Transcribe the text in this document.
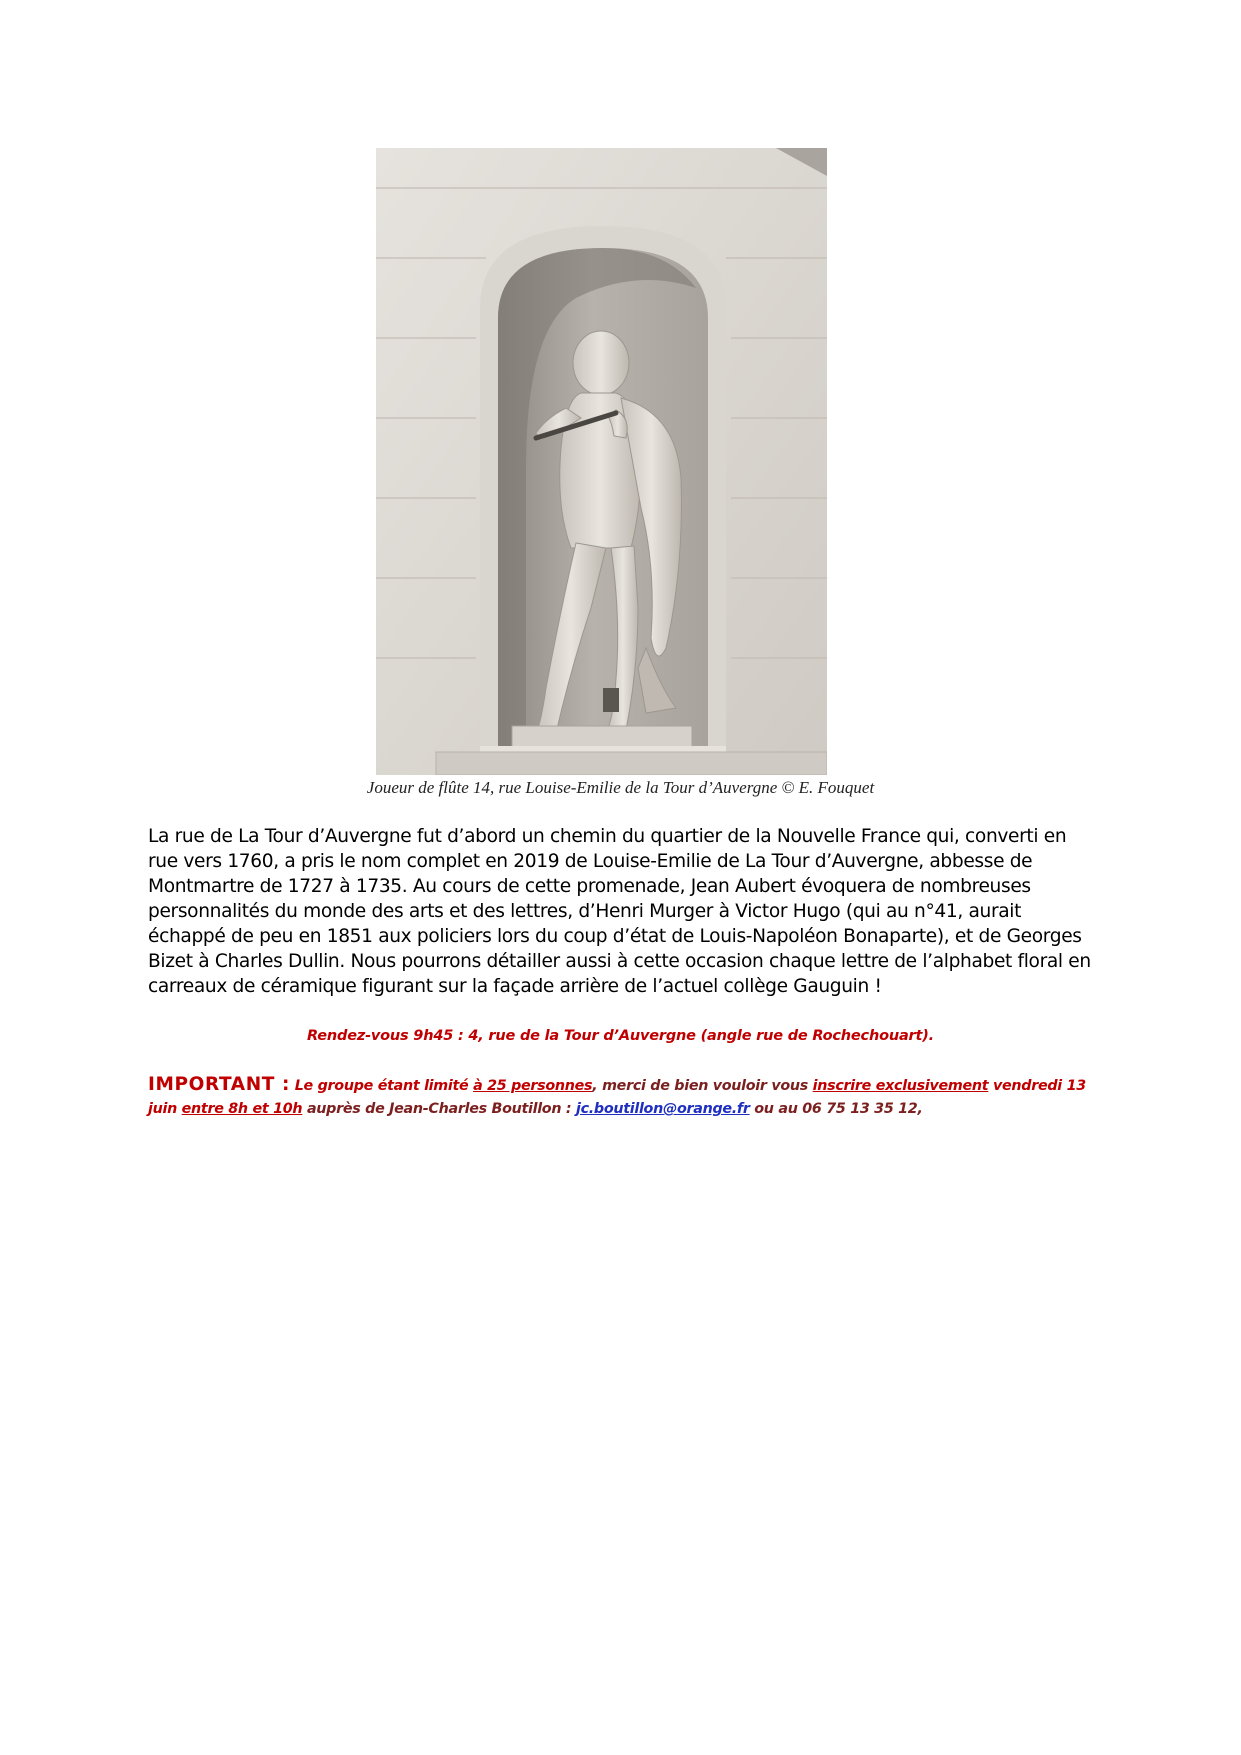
Joueur de flûte 14, rue Louise-Emilie de la Tour d’Auvergne © E. Fouquet

La rue de La Tour d’Auvergne fut d’abord un chemin du quartier de la Nouvelle France qui, converti en rue vers 1760, a pris le nom complet en 2019 de Louise-Emilie de La Tour d’Auvergne, abbesse de Montmartre de 1727 à 1735. Au cours de cette promenade, Jean Aubert évoquera de nombreuses personnalités du monde des arts et des lettres, d’Henri Murger à Victor Hugo (qui au n°41, aurait échappé de peu en 1851 aux policiers lors du coup d’état de Louis-Napoléon Bonaparte), et de Georges Bizet à Charles Dullin. Nous pourrons détailler aussi à cette occasion chaque lettre de l’alphabet floral en carreaux de céramique figurant sur la façade arrière de l’actuel collège Gauguin !

Rendez-vous 9h45 : 4, rue de la Tour d’Auvergne (angle rue de Rochechouart).

IMPORTANT : Le groupe étant limité à 25 personnes, merci de bien vouloir vous inscrire exclusivement vendredi 13 juin entre 8h et 10h auprès de Jean-Charles Boutillon : jc.boutillon@orange.fr ou au 06 75 13 35 12,
